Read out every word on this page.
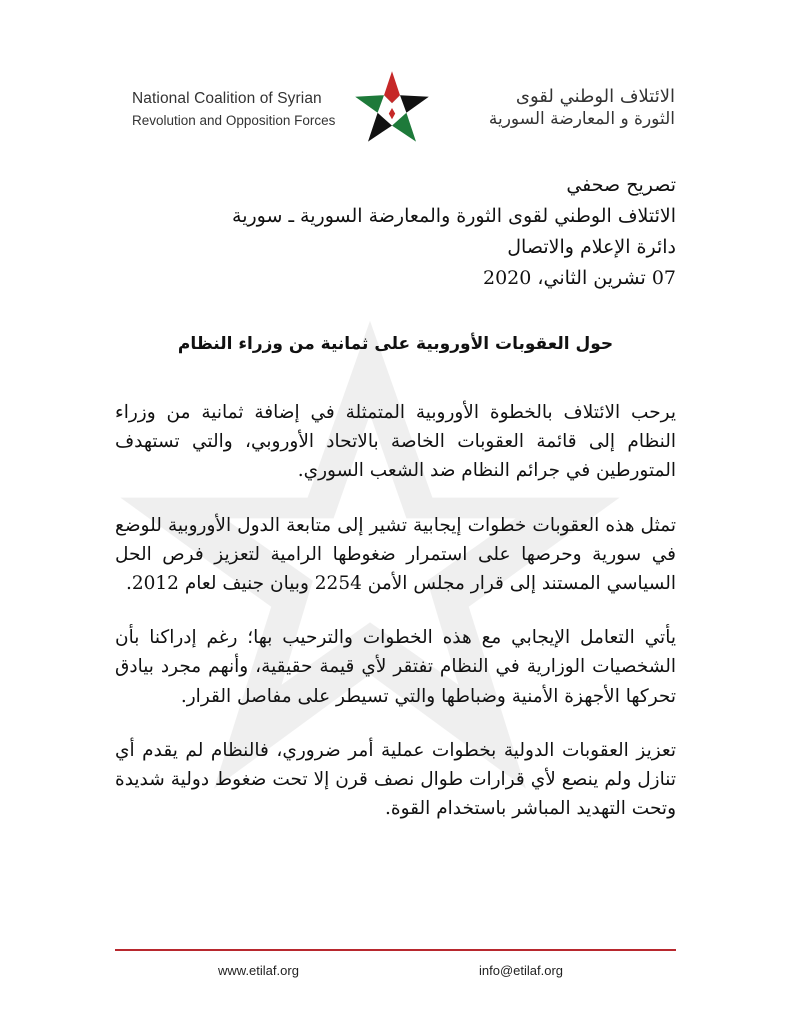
National Coalition of Syrian
Revolution and Opposition Forces
الائتلاف الوطني لقوى
الثورة و المعارضة السورية
تصريح صحفي
الائتلاف الوطني لقوى الثورة والمعارضة السورية ـ سورية
دائرة الإعلام والاتصال
07 تشرين الثاني، 2020
حول العقوبات الأوروبية على ثمانية من وزراء النظام

يرحب الائتلاف بالخطوة الأوروبية المتمثلة في إضافة ثمانية من وزراء النظام إلى قائمة العقوبات الخاصة بالاتحاد الأوروبي، والتي تستهدف المتورطين في جرائم النظام ضد الشعب السوري.

تمثل هذه العقوبات خطوات إيجابية تشير إلى متابعة الدول الأوروبية للوضع في سورية وحرصها على استمرار ضغوطها الرامية لتعزيز فرص الحل السياسي المستند إلى قرار مجلس الأمن 2254 وبيان جنيف لعام 2012.

يأتي التعامل الإيجابي مع هذه الخطوات والترحيب بها؛ رغم إدراكنا بأن الشخصيات الوزارية في النظام تفتقر لأي قيمة حقيقية، وأنهم مجرد بيادق تحركها الأجهزة الأمنية وضباطها والتي تسيطر على مفاصل القرار.

تعزيز العقوبات الدولية بخطوات عملية أمر ضروري، فالنظام لم يقدم أي تنازل ولم ينصع لأي قرارات طوال نصف قرن إلا تحت ضغوط دولية شديدة وتحت التهديد المباشر باستخدام القوة.

www.etilaf.org	info@etilaf.org
